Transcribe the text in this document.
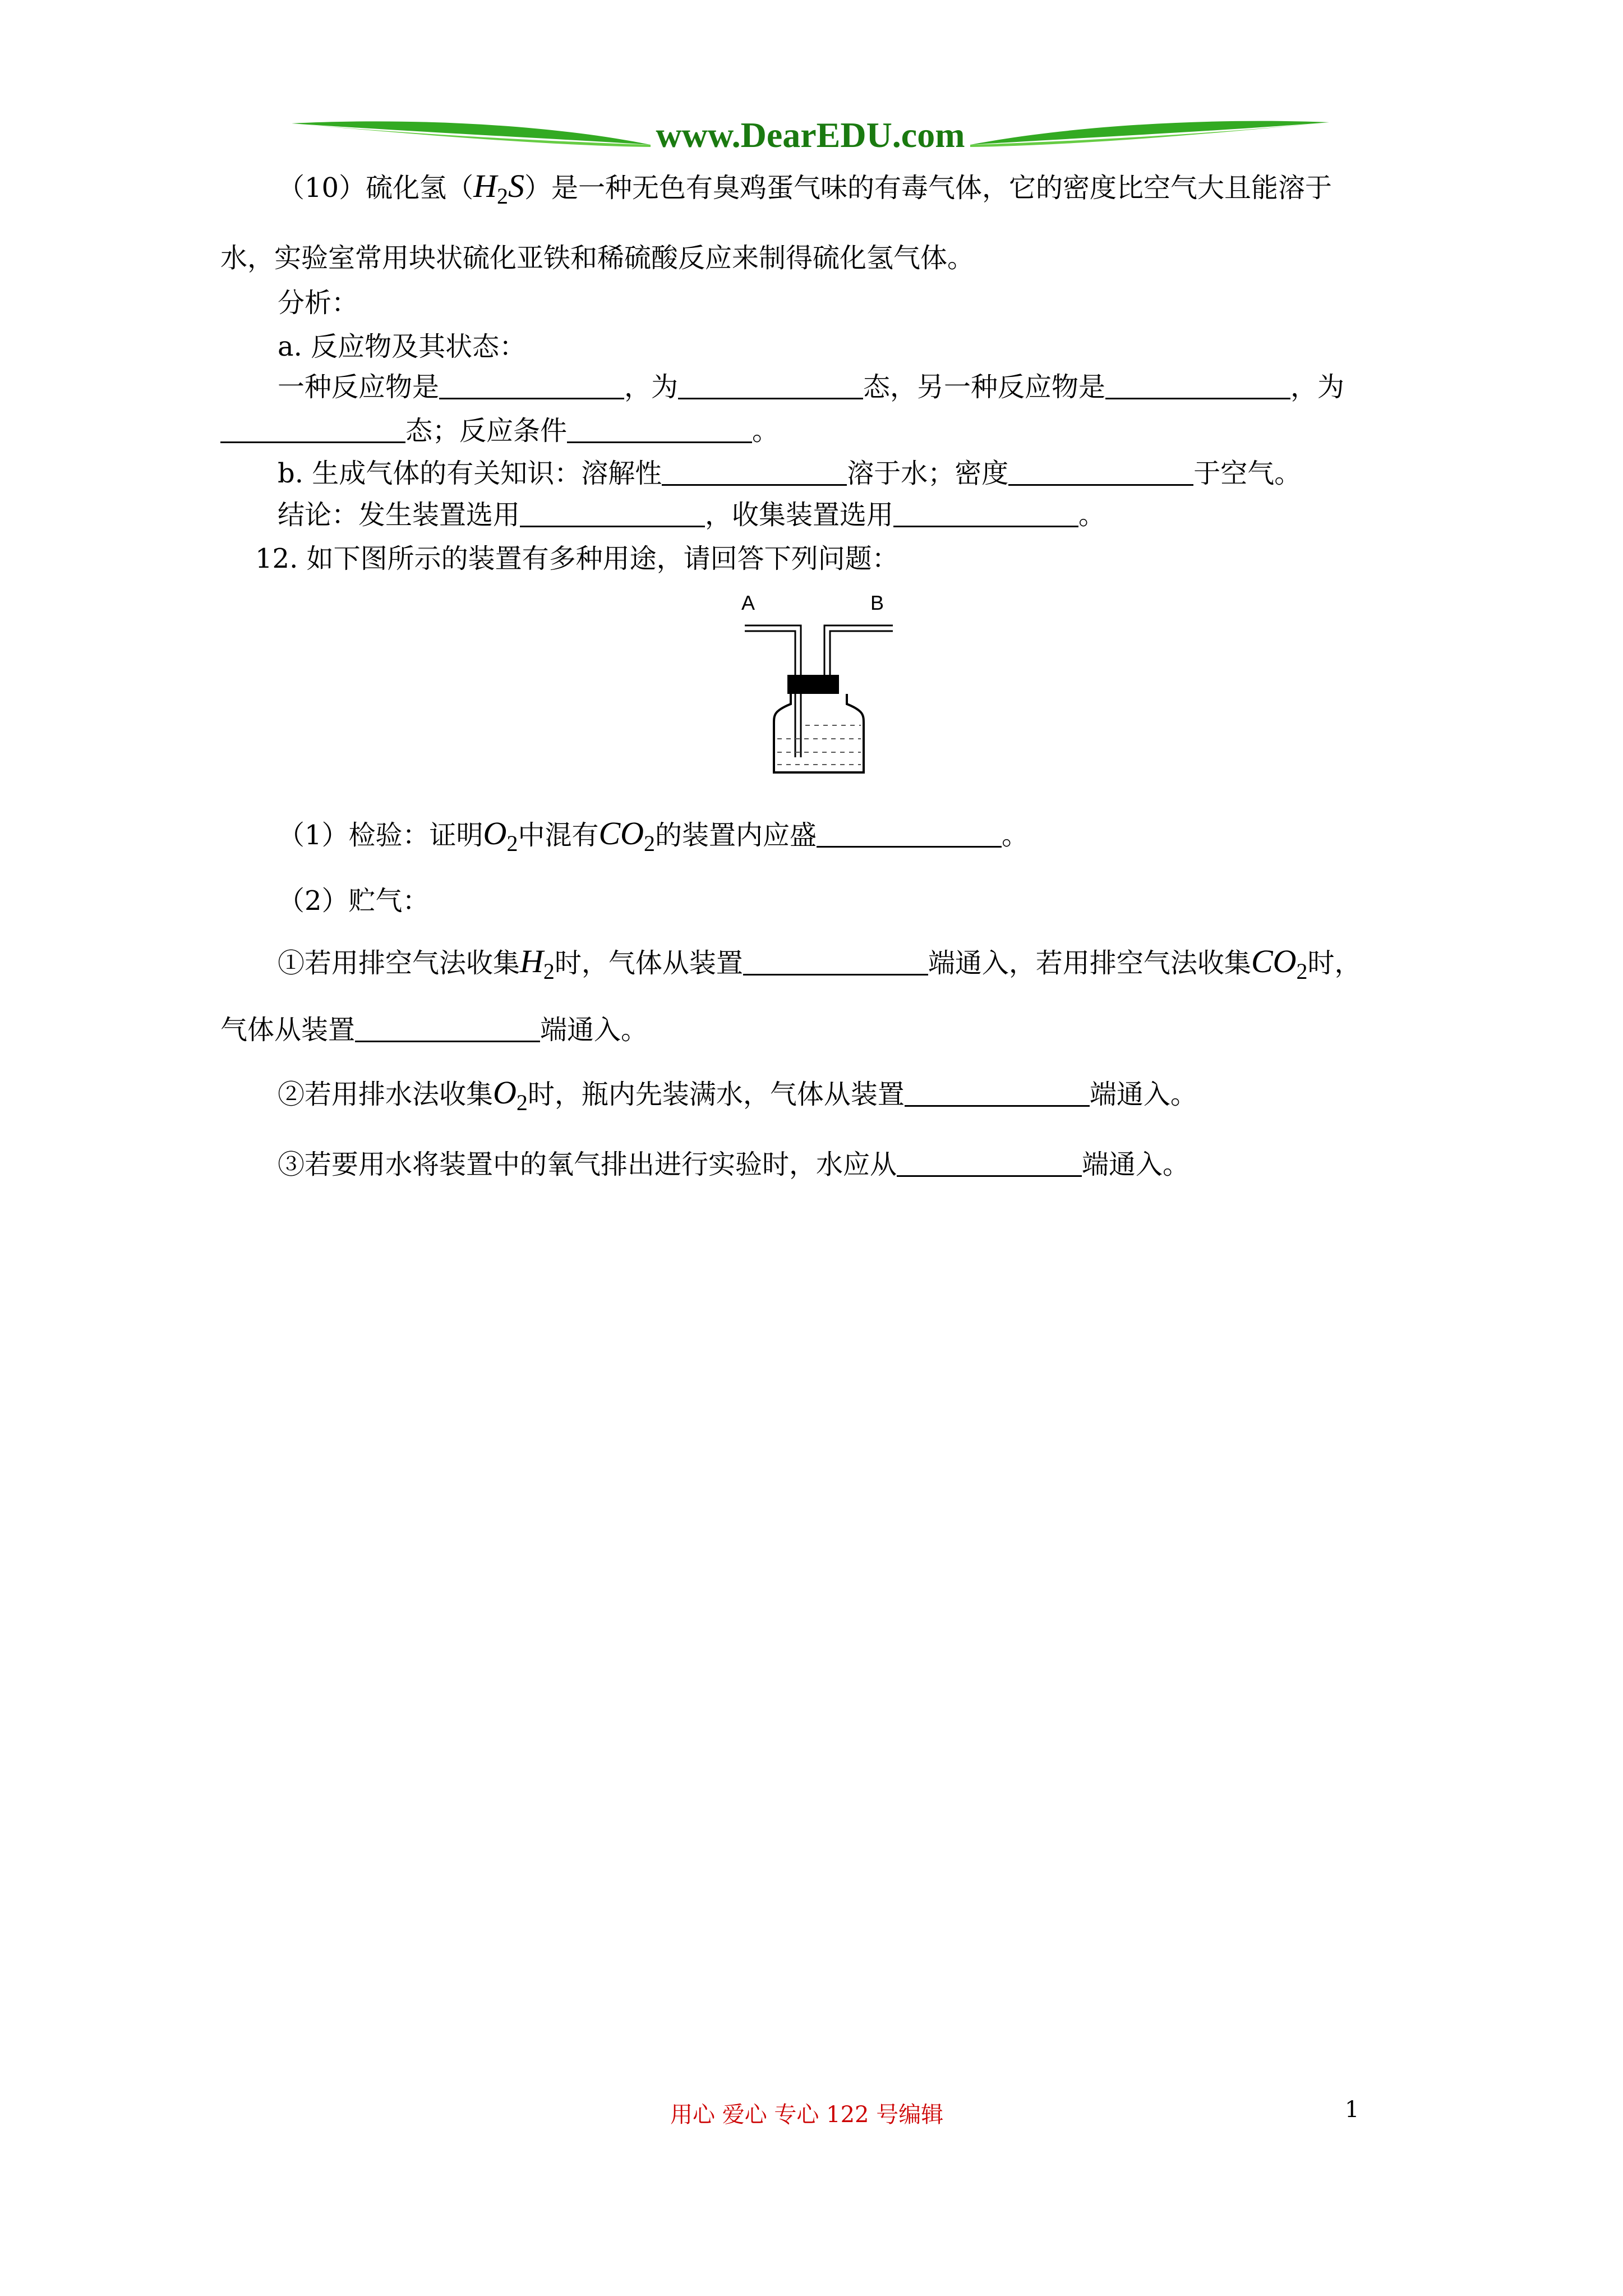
www.DearEDU.com
（10）硫化氢$(H_2S)$是一种无色有臭鸡蛋气味的有毒气体，它的密度比空气大且能溶于
水，实验室常用块状硫化亚铁和稀硫酸反应来制得硫化氢气体。
分析：
a. 反应物及其状态：
一种反应物是	，为	态，另一种反应物是	，为
态；反应条件	。
b. 生成气体的有关知识：溶解性	溶于水；密度	于空气。
结论：发生装置选用	，收集装置选用	。
12. 如下图所示的装置有多种用途，请回答下列问题：
A	B
（1）检验：证明$O_2$中混有$CO_2$的装置内应盛	。
（2）贮气：
①若用排空气法收集$H_2$时，气体从装置	端通入，若用排空气法收集$CO_2$时，
气体从装置	端通入。
②若用排水法收集$O_2$时，瓶内先装满水，气体从装置	端通入。
③若要用水将装置中的氧气排出进行实验时，水应从	端通入。
用心 爱心 专心 122 号编辑	1
